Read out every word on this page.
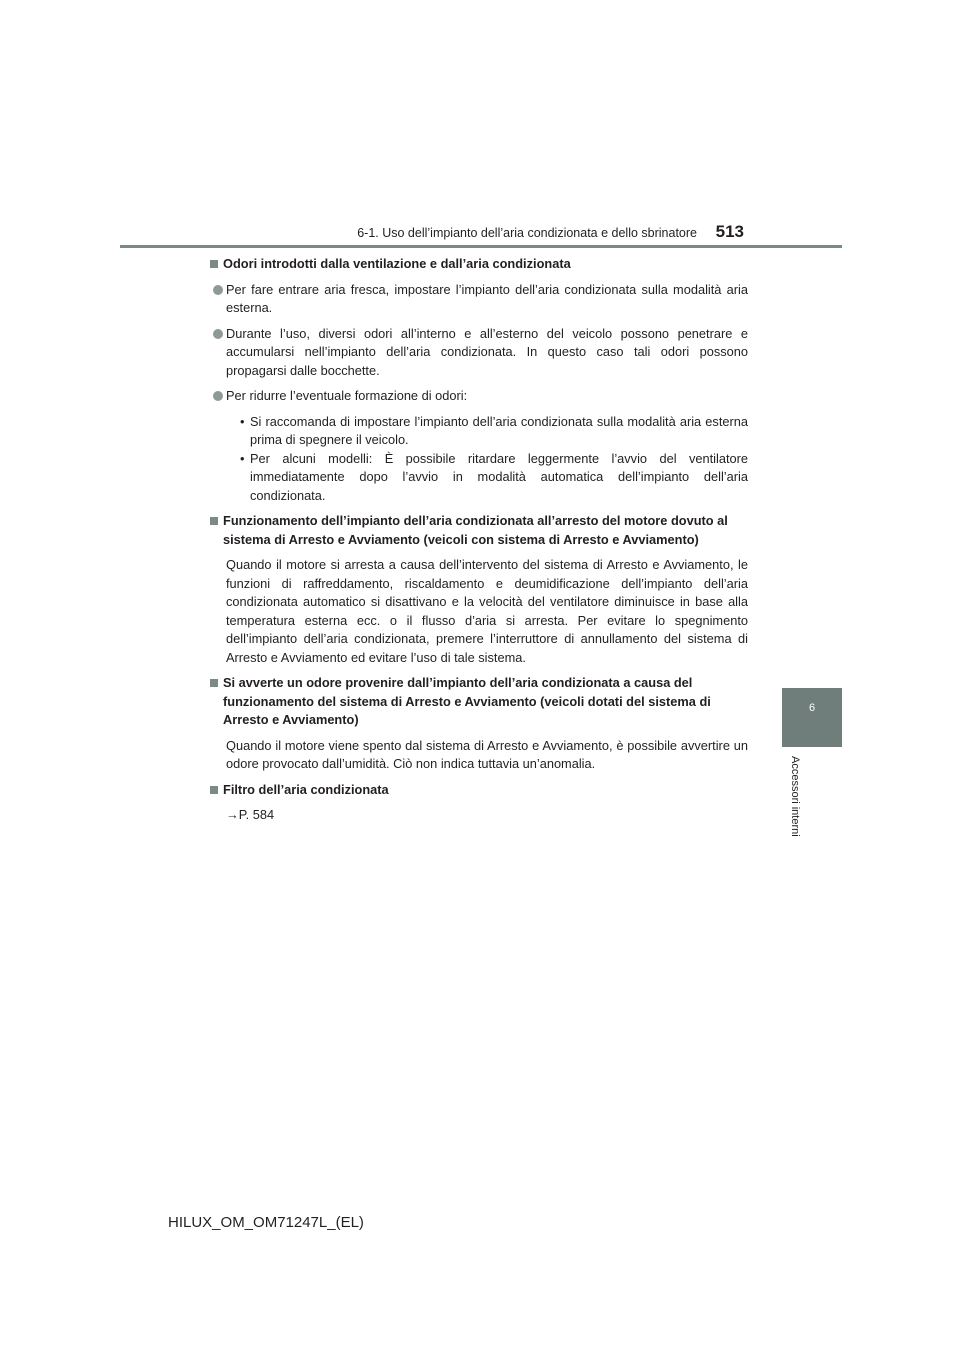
6-1. Uso dell’impianto dell’aria condizionata e dello sbrinatore 513
6
Accessori interni
Odori introdotti dalla ventilazione e dall’aria condizionata
Per fare entrare aria fresca, impostare l’impianto dell’aria condizionata sulla modalità aria esterna.
Durante l’uso, diversi odori all’interno e all’esterno del veicolo possono penetrare e accumularsi nell’impianto dell’aria condizionata. In questo caso tali odori possono propagarsi dalle bocchette.
Per ridurre l’eventuale formazione di odori:
• Si raccomanda di impostare l’impianto dell’aria condizionata sulla modalità aria esterna prima di spegnere il veicolo.
• Per alcuni modelli: È possibile ritardare leggermente l’avvio del ventilatore immediatamente dopo l’avvio in modalità automatica dell’impianto dell’aria condizionata.
Funzionamento dell’impianto dell’aria condizionata all’arresto del motore dovuto al sistema di Arresto e Avviamento (veicoli con sistema di Arresto e Avviamento)
Quando il motore si arresta a causa dell’intervento del sistema di Arresto e Avviamento, le funzioni di raffreddamento, riscaldamento e deumidificazione dell’impianto dell’aria condizionata automatico si disattivano e la velocità del ventilatore diminuisce in base alla temperatura esterna ecc. o il flusso d’aria si arresta. Per evitare lo spegnimento dell’impianto dell’aria condizionata, premere l’interruttore di annullamento del sistema di Arresto e Avviamento ed evitare l’uso di tale sistema.
Si avverte un odore provenire dall’impianto dell’aria condizionata a causa del funzionamento del sistema di Arresto e Avviamento (veicoli dotati del sistema di Arresto e Avviamento)
Quando il motore viene spento dal sistema di Arresto e Avviamento, è possibile avvertire un odore provocato dall’umidità. Ciò non indica tuttavia un’anomalia.
Filtro dell’aria condizionata
→P. 584
HILUX_OM_OM71247L_(EL)
